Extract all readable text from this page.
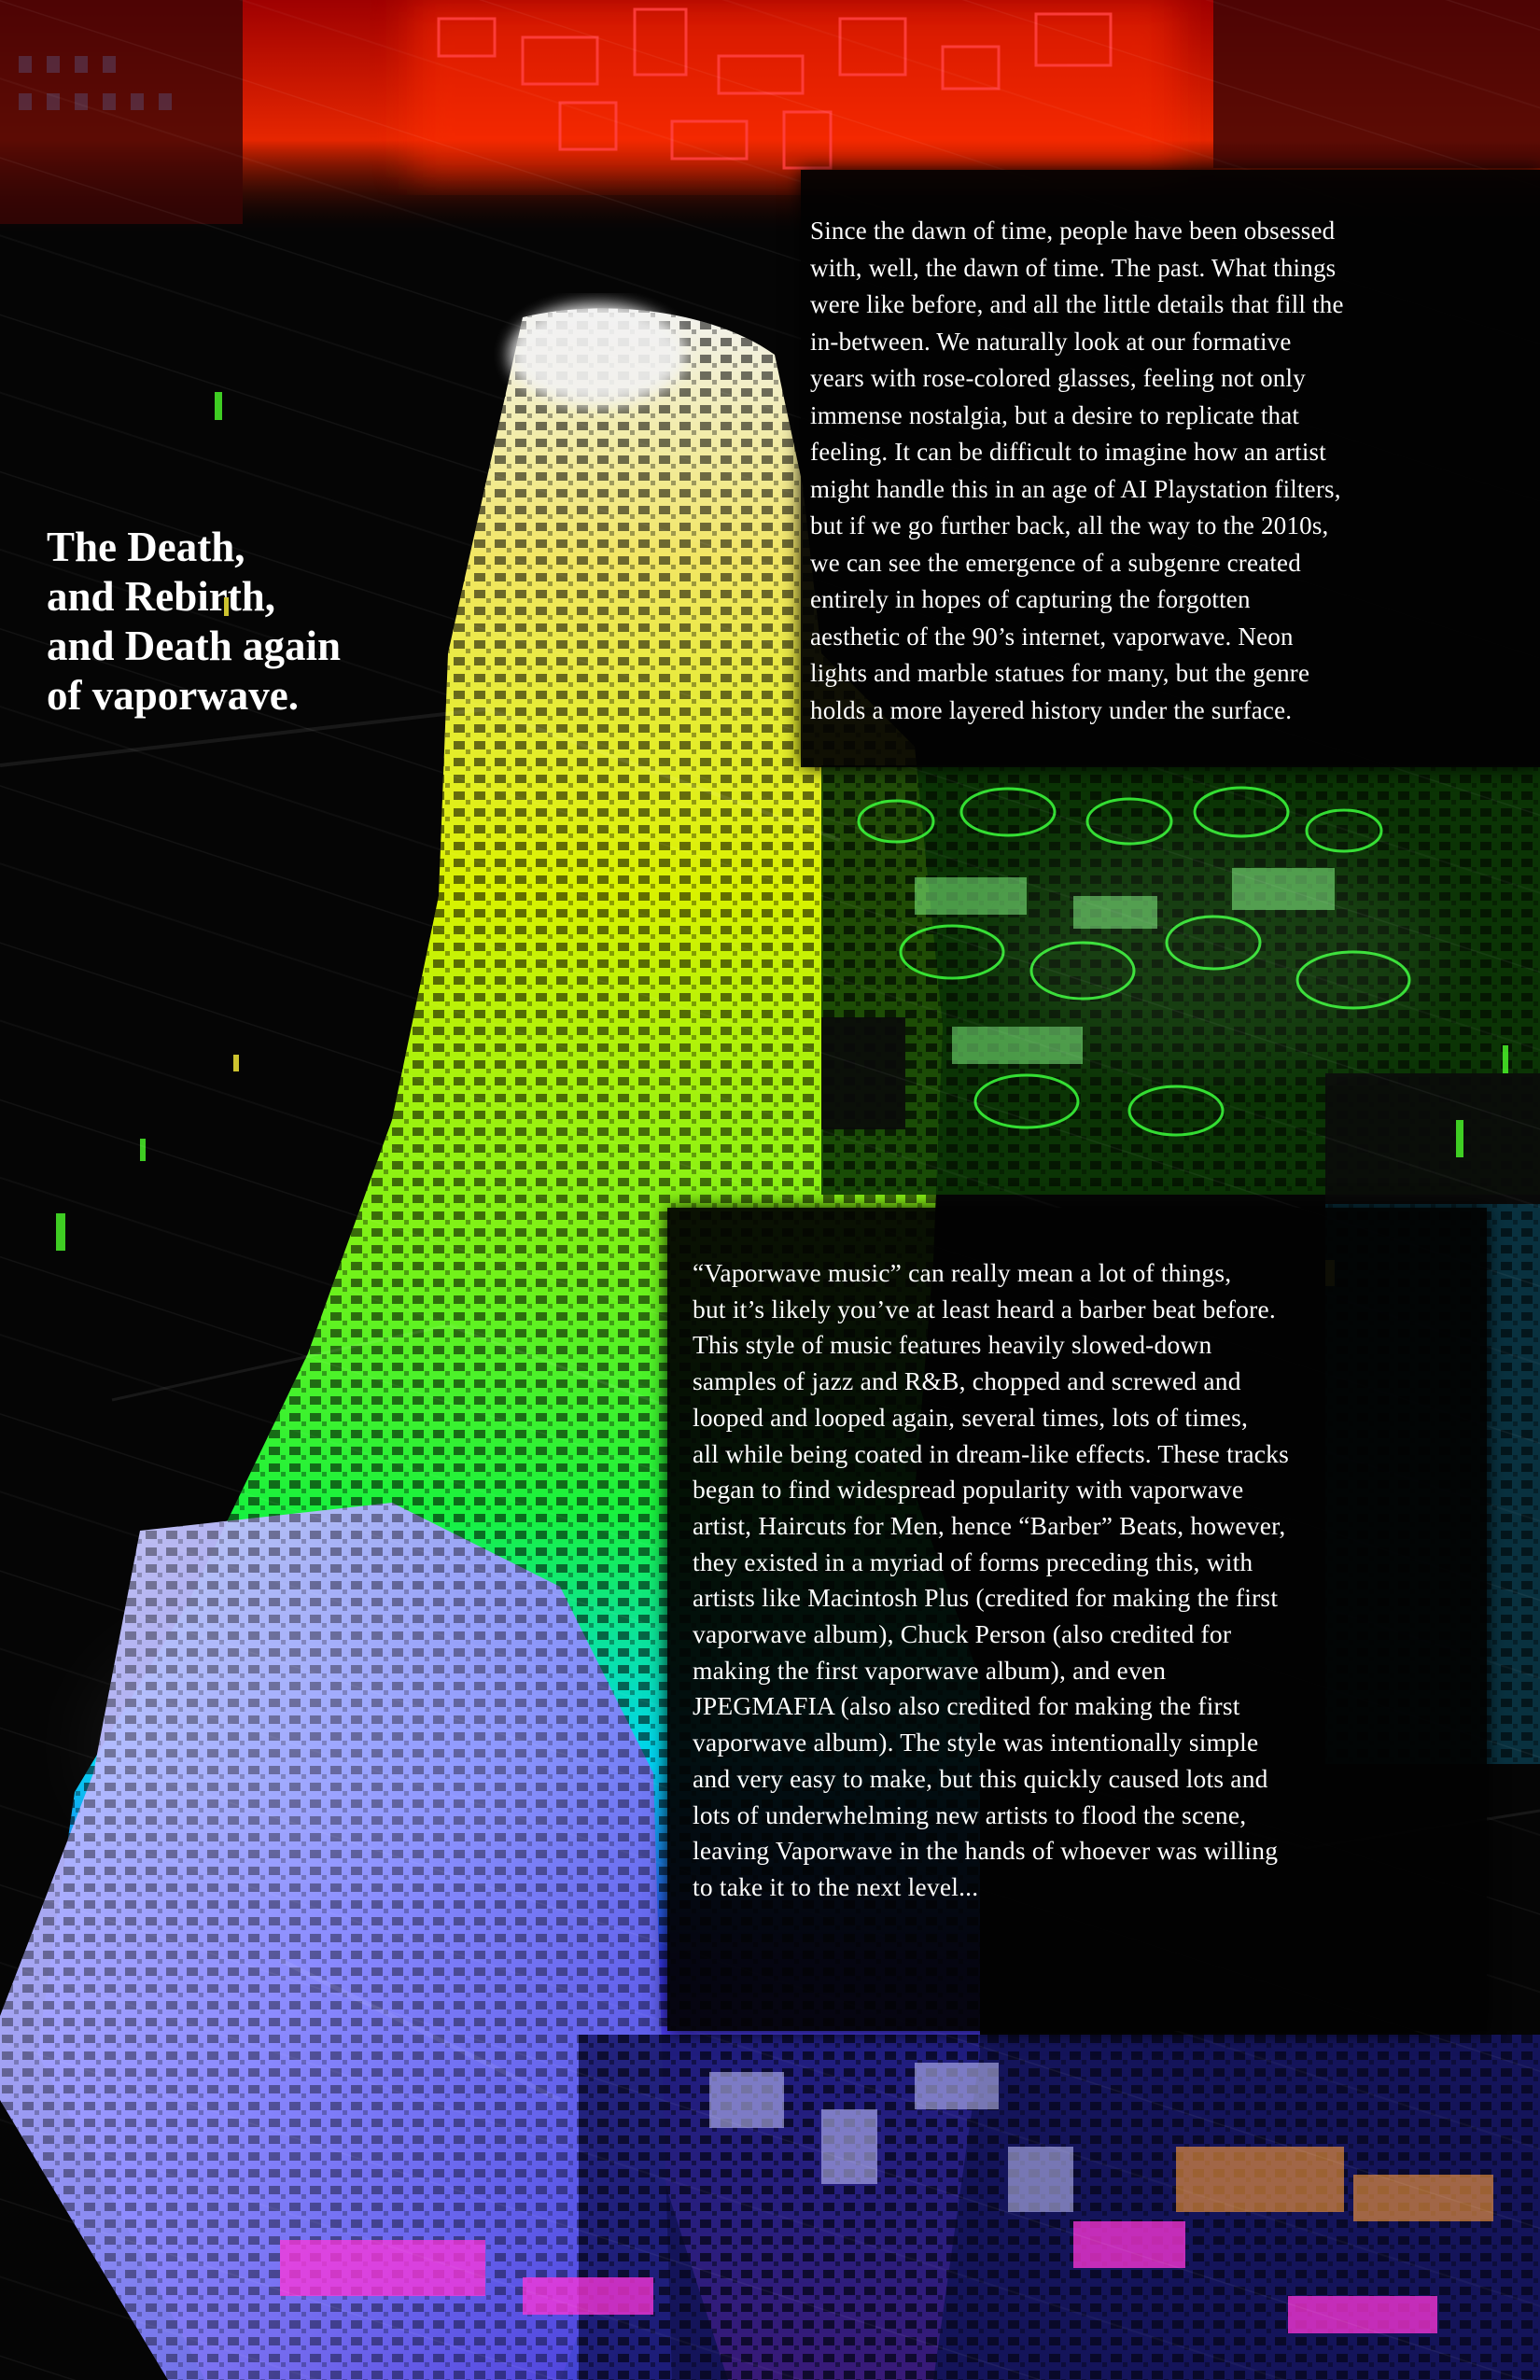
The Death,
and Rebirth,
and Death again
of vaporwave.

Since the dawn of time, people have been obsessed
with, well, the dawn of time. The past. What things
were like before, and all the little details that fill the
in-between. We naturally look at our formative
years with rose-colored glasses, feeling not only
immense nostalgia, but a desire to replicate that
feeling. It can be difficult to imagine how an artist
might handle this in an age of AI Playstation filters,
but if we go further back, all the way to the 2010s,
we can see the emergence of a subgenre created
entirely in hopes of capturing the forgotten
aesthetic of the 90’s internet, vaporwave. Neon
lights and marble statues for many, but the genre
holds a more layered history under the surface.

“Vaporwave music” can really mean a lot of things,
but it’s likely you’ve at least heard a barber beat before.
This style of music features heavily slowed-down
samples of jazz and R&B, chopped and screwed and
looped and looped again, several times, lots of times,
all while being coated in dream-like effects. These tracks
began to find widespread popularity with vaporwave
artist, Haircuts for Men, hence “Barber” Beats, however,
they existed in a myriad of forms preceding this, with
artists like Macintosh Plus (credited for making the first
vaporwave album), Chuck Person (also credited for
making the first vaporwave album), and even
JPEGMAFIA (also also credited for making the first
vaporwave album). The style was intentionally simple
and very easy to make, but this quickly caused lots and
lots of underwhelming new artists to flood the scene,
leaving Vaporwave in the hands of whoever was willing
to take it to the next level...
